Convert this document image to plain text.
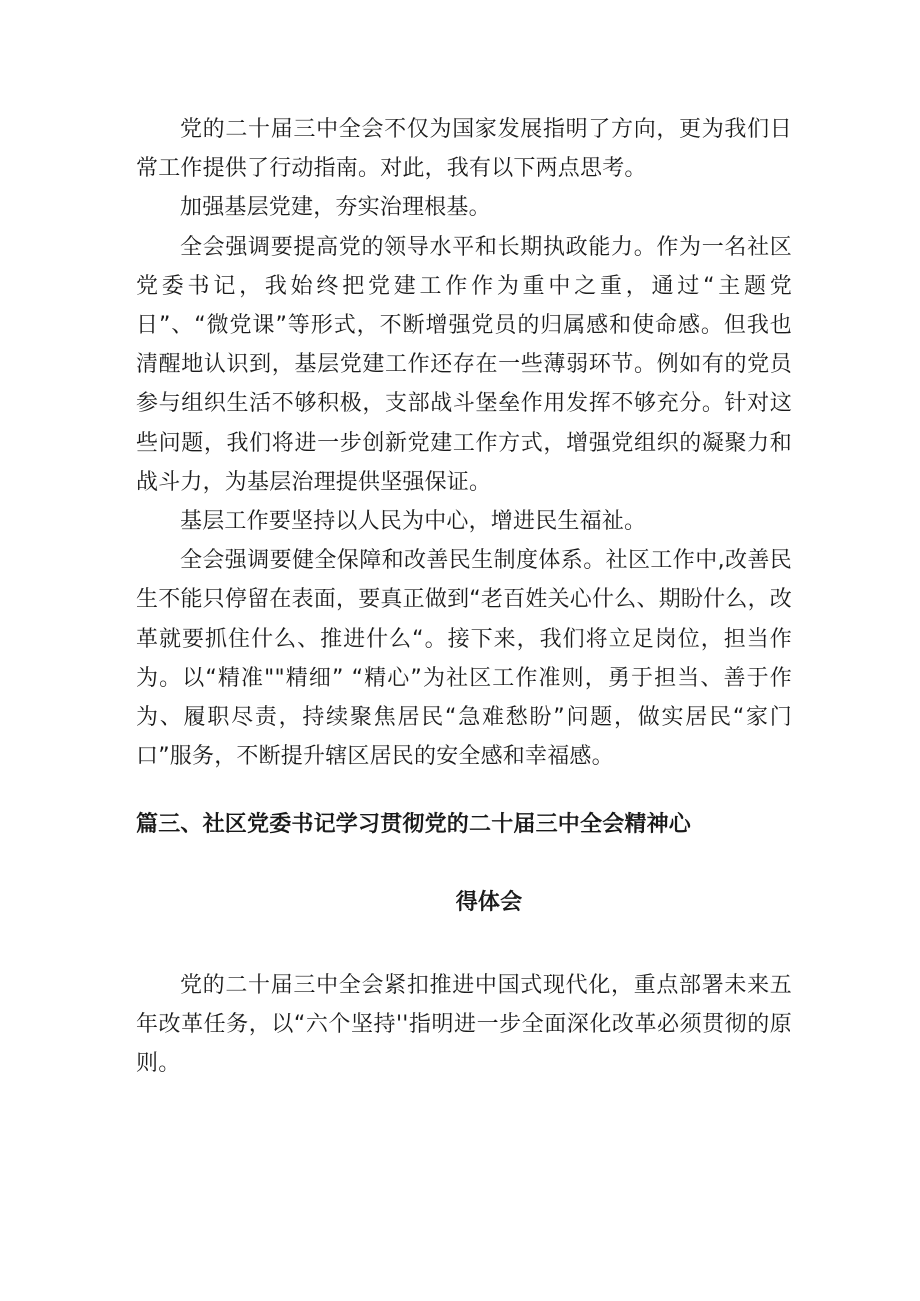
党的二十届三中全会不仅为国家发展指明了方向，更为我们日常工作提供了行动指南。对此，我有以下两点思考。

加强基层党建，夯实治理根基。

全会强调要提高党的领导水平和长期执政能力。作为一名社区党委书记，我始终把党建工作作为重中之重，通过“主题党日”、“微党课”等形式，不断增强党员的归属感和使命感。但我也清醒地认识到，基层党建工作还存在一些薄弱环节。例如有的党员参与组织生活不够积极，支部战斗堡垒作用发挥不够充分。针对这些问题，我们将进一步创新党建工作方式，增强党组织的凝聚力和战斗力，为基层治理提供坚强保证。

基层工作要坚持以人民为中心，增进民生福祉。

全会强调要健全保障和改善民生制度体系。社区工作中,改善民生不能只停留在表面，要真正做到“老百姓关心什么、期盼什么，改革就要抓住什么、推进什么“。接下来，我们将立足岗位，担当作为。以“精准""精细” “精心”为社区工作准则，勇于担当、善于作为、履职尽责，持续聚焦居民“急难愁盼”问题，做实居民“家门口”服务，不断提升辖区居民的安全感和幸福感。

篇三、社区党委书记学习贯彻党的二十届三中全会精神心
得体会

党的二十届三中全会紧扣推进中国式现代化，重点部署未来五年改革任务，以“六个坚持''指明进一步全面深化改革必须贯彻的原则。
